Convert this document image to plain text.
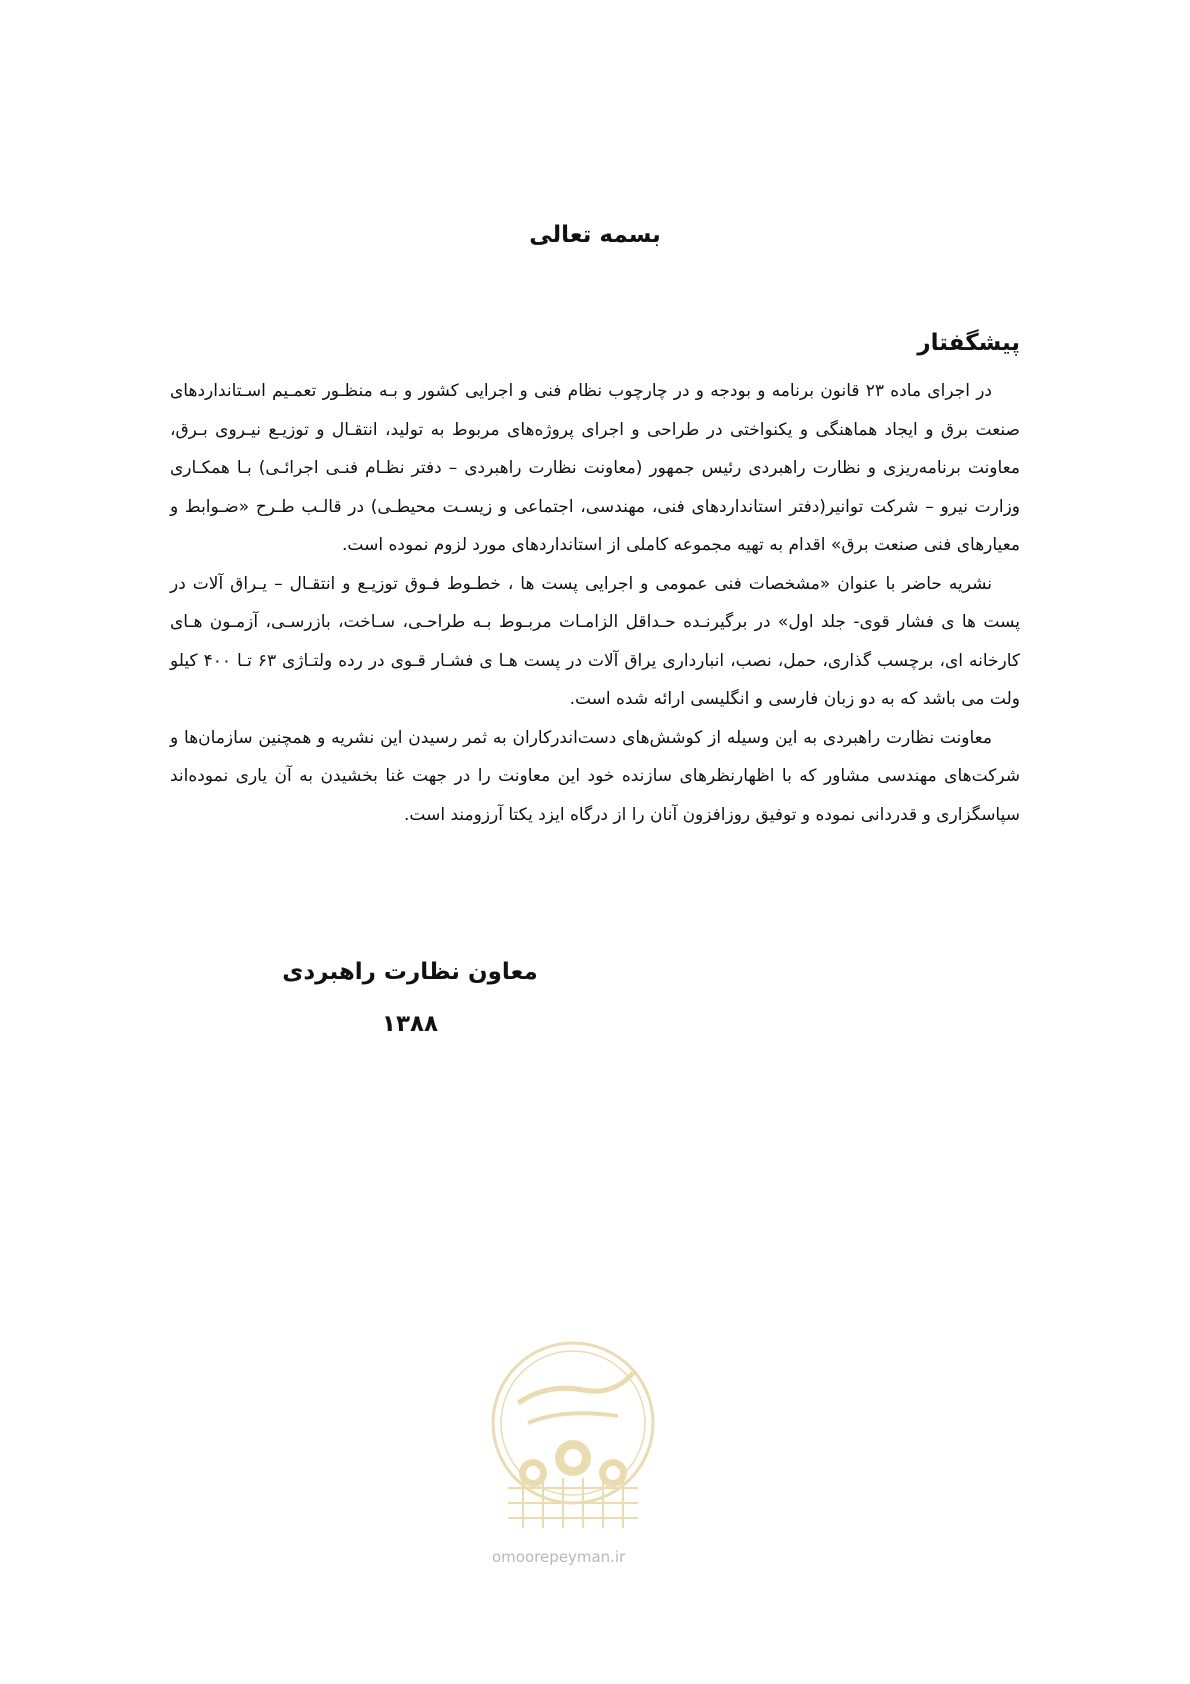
بسمه تعالی
پیشگفتار

در اجرای ماده ۲۳ قانون برنامه و بودجه و در چارچوب نظام فنی و اجرایی کشور و بـه منظـور تعمـیم اسـتانداردهای صنعت برق و ایجاد هماهنگی و یکنواختی در طراحی و اجرای پروژه‌های مربوط به تولید، انتقـال و توزیـع نیـروی بـرق، معاونت برنامه‌ریزی و نظارت راهبردی رئیس جمهور (معاونت نظارت راهبردی – دفتر نظـام فنـی اجرائـی) بـا همکـاری وزارت نیرو – شرکت توانیر(دفتر استانداردهای فنی، مهندسی، اجتماعی و زیسـت محیطـی) در قالـب طـرح «ضـوابط و معیارهای فنی صنعت برق» اقدام به تهیه مجموعه کاملی از استانداردهای مورد لزوم نموده است.

نشریه حاضر با عنوان «مشخصات فنی عمومی و اجرایی پست ها ، خطـوط فـوق توزیـع و انتقـال – یـراق آلات در پست ها ی فشار قوی- جلد اول» در برگیرنـده حـداقل الزامـات مربـوط بـه طراحـی، سـاخت، بازرسـی، آزمـون هـای کارخانه ای، برچسب گذاری، حمل، نصب، انبارداری یراق آلات در پست هـا ی فشـار قـوی در رده ولتـاژی ۶۳ تـا ۴۰۰ کیلو ولت می باشد که به دو زبان فارسی و انگلیسی ارائه شده است.

معاونت نظارت راهبردی به این وسیله از کوشش‌های دست‌اندرکاران به ثمر رسیدن این نشریه و همچنین سازمان‌ها و شرکت‌های مهندسی مشاور که با اظهارنظرهای سازنده خود این معاونت را در جهت غنا بخشیدن به آن یاری نموده‌اند سپاسگزاری و قدردانی نموده و توفیق روزافزون آنان را از درگاه ایزد یکتا آرزومند است.

معاون نظارت راهبردی
۱۳۸۸
omoorepeyman.ir
